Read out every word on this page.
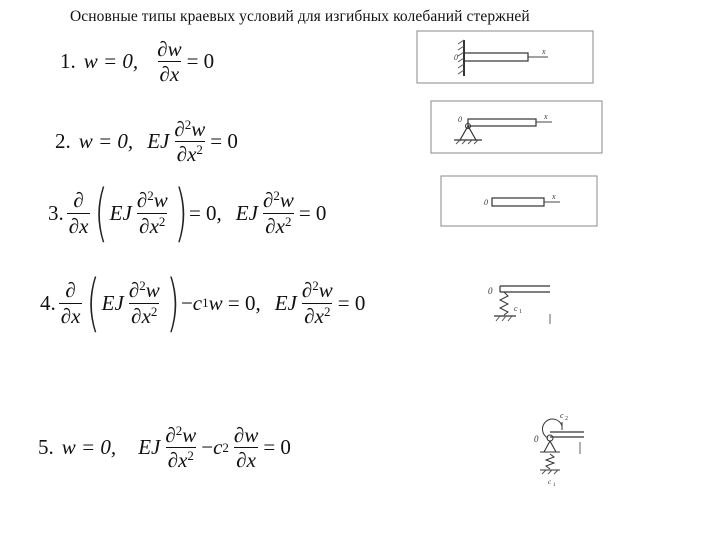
Основные типы краевых условий для изгибных колебаний стержней
1. w = 0, $\frac{\partial w}{\partial x} = 0$
2. w = 0, EJ $\frac{\partial^2w}{\partial x^2} = 0$
3. $\frac{\partial}{\partial x}$ ( EJ $\frac{\partial^2w}{\partial x^2}$ ) = 0 , EJ $\frac{\partial^2w}{\partial x^2} = 0$
4. $\frac{\partial}{\partial x}$ ( EJ $\frac{\partial^2w}{\partial x^2}$ ) − c 1 w
= 0 , EJ $\frac{\partial^2w}{\partial x^2} = 0$
5. w = 0, EJ $\frac{\partial^2w}{\partial x^2} - c$ $2 \frac{\partial w}{\partial x} = 0$
0
x
0	x
0
x
0
c 1
c 2
0
c 1
